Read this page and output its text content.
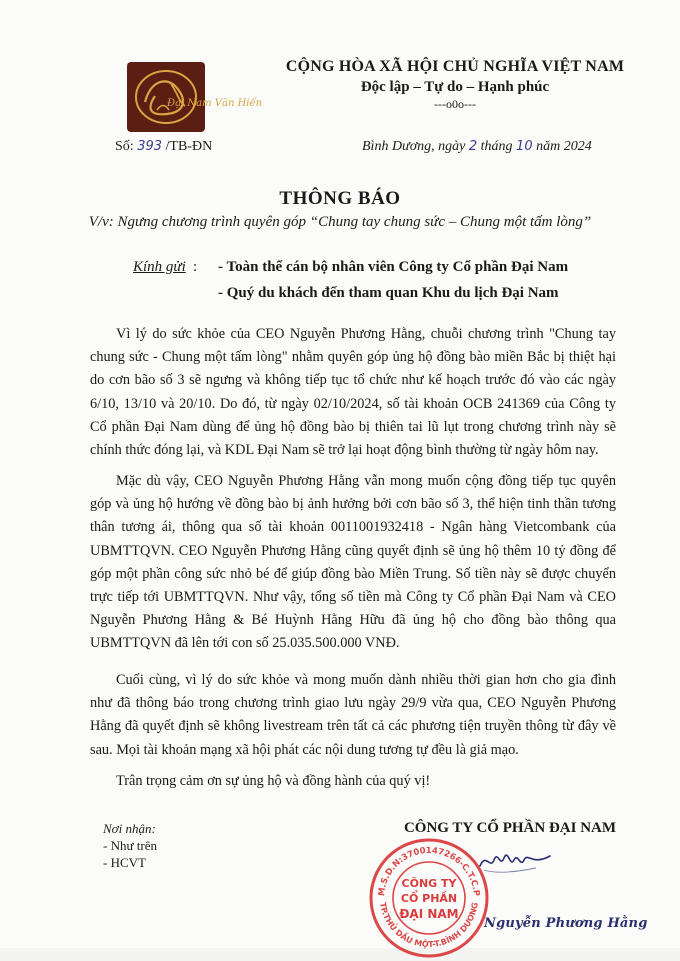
Đại Nam Văn Hiến
CỘNG HÒA XÃ HỘI CHỦ NGHĨA VIỆT NAM
Độc lập – Tự do – Hạnh phúc
---o0o---
Số: 393 /TB-ĐN	Bình Dương, ngày 2 tháng 10 năm 2024
THÔNG BÁO
V/v: Ngưng chương trình quyên góp “Chung tay chung sức – Chung một tấm lòng”
Kính gửi : - Toàn thể cán bộ nhân viên Công ty Cổ phần Đại Nam
- Quý du khách đến tham quan Khu du lịch Đại Nam

Vì lý do sức khỏe của CEO Nguyễn Phương Hằng, chuỗi chương trình "Chung tay chung sức - Chung một tấm lòng" nhằm quyên góp ủng hộ đồng bào miền Bắc bị thiệt hại do cơn bão số 3 sẽ ngưng và không tiếp tục tổ chức như kế hoạch trước đó vào các ngày 6/10, 13/10 và 20/10. Do đó, từ ngày 02/10/2024, số tài khoản OCB 241369 của Công ty Cổ phần Đại Nam dùng để ủng hộ đồng bào bị thiên tai lũ lụt trong chương trình này sẽ chính thức đóng lại, và KDL Đại Nam sẽ trở lại hoạt động bình thường từ ngày hôm nay.

Mặc dù vậy, CEO Nguyễn Phương Hằng vẫn mong muốn cộng đồng tiếp tục quyên góp và ủng hộ hướng về đồng bào bị ảnh hưởng bởi cơn bão số 3, thể hiện tinh thần tương thân tương ái, thông qua số tài khoản 0011001932418 - Ngân hàng Vietcombank của UBMTTQVN. CEO Nguyễn Phương Hằng cũng quyết định sẽ ủng hộ thêm 10 tỷ đồng để góp một phần công sức nhỏ bé để giúp đồng bào Miền Trung. Số tiền này sẽ được chuyển trực tiếp tới UBMTTQVN. Như vậy, tổng số tiền mà Công ty Cổ phần Đại Nam và CEO Nguyễn Phương Hằng & Bé Huỳnh Hằng Hữu đã ủng hộ cho đồng bào thông qua UBMTTQVN đã lên tới con số 25.035.500.000 VNĐ.

Cuối cùng, vì lý do sức khỏe và mong muốn dành nhiều thời gian hơn cho gia đình như đã thông báo trong chương trình giao lưu ngày 29/9 vừa qua, CEO Nguyễn Phương Hằng đã quyết định sẽ không livestream trên tất cả các phương tiện truyền thông từ đây về sau. Mọi tài khoản mạng xã hội phát các nội dung tương tự đều là giả mạo.

Trân trọng cảm ơn sự ủng hộ và đồng hành của quý vị!

Nơi nhận:
- Như trên
- HCVT
CÔNG TY CỔ PHẦN ĐẠI NAM
M.S.D.N:3700147266-C.T.C.P
TP.THỦ DẦU MỘT-T.BÌNH DƯƠNG
CÔNG TY
CỔ PHẦN
ĐẠI NAM
Nguyễn Phương Hằng
